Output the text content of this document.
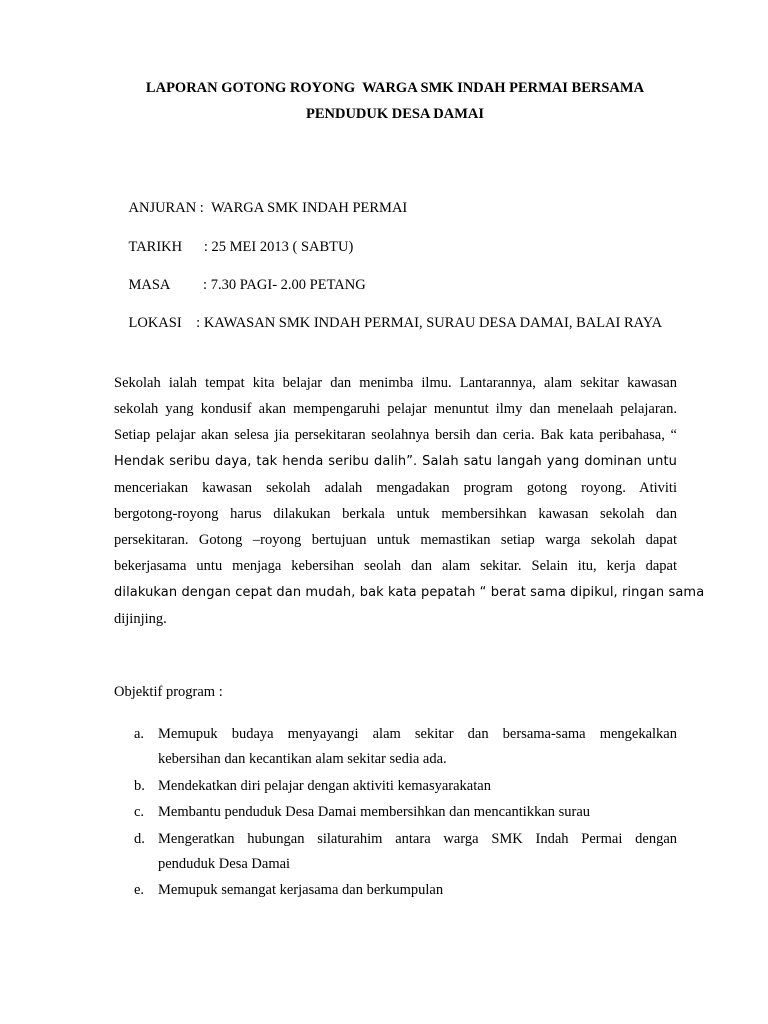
LAPORAN GOTONG ROYONG  WARGA SMK INDAH PERMAI BERSAMA
PENDUDUK DESA DAMAI

ANJURAN :  WARGA SMK INDAH PERMAI

TARIKH      : 25 MEI 2013 ( SABTU)

MASA         : 7.30 PAGI- 2.00 PETANG

LOKASI    : KAWASAN SMK INDAH PERMAI, SURAU DESA DAMAI, BALAI RAYA

Sekolah ialah tempat kita belajar dan menimba ilmu. Lantarannya, alam sekitar kawasan
sekolah yang kondusif akan mempengaruhi pelajar menuntut ilmy dan menelaah pelajaran.
Setiap pelajar akan selesa jia persekitaran seolahnya bersih dan ceria. Bak kata peribahasa, “
Hendak seribu daya, tak henda seribu dalih”. Salah satu langah yang dominan untu
menceriakan kawasan sekolah adalah mengadakan program gotong royong. Ativiti
bergotong-royong harus dilakukan berkala untuk membersihkan kawasan sekolah dan
persekitaran. Gotong –royong bertujuan untuk memastikan setiap warga sekolah dapat
bekerjasama untu menjaga kebersihan seolah dan alam sekitar. Selain itu, kerja dapat
dilakukan dengan cepat dan mudah, bak kata pepatah “ berat sama dipikul, ringan sama
dijinjing.
Objektif program :
a. Memupuk budaya menyayangi alam sekitar dan bersama-sama mengekalkan
kebersihan dan kecantikan alam sekitar sedia ada.
b. Mendekatkan diri pelajar dengan aktiviti kemasyarakatan
c. Membantu penduduk Desa Damai membersihkan dan mencantikkan surau
d. Mengeratkan hubungan silaturahim antara warga SMK Indah Permai dengan
penduduk Desa Damai
e. Memupuk semangat kerjasama dan berkumpulan
